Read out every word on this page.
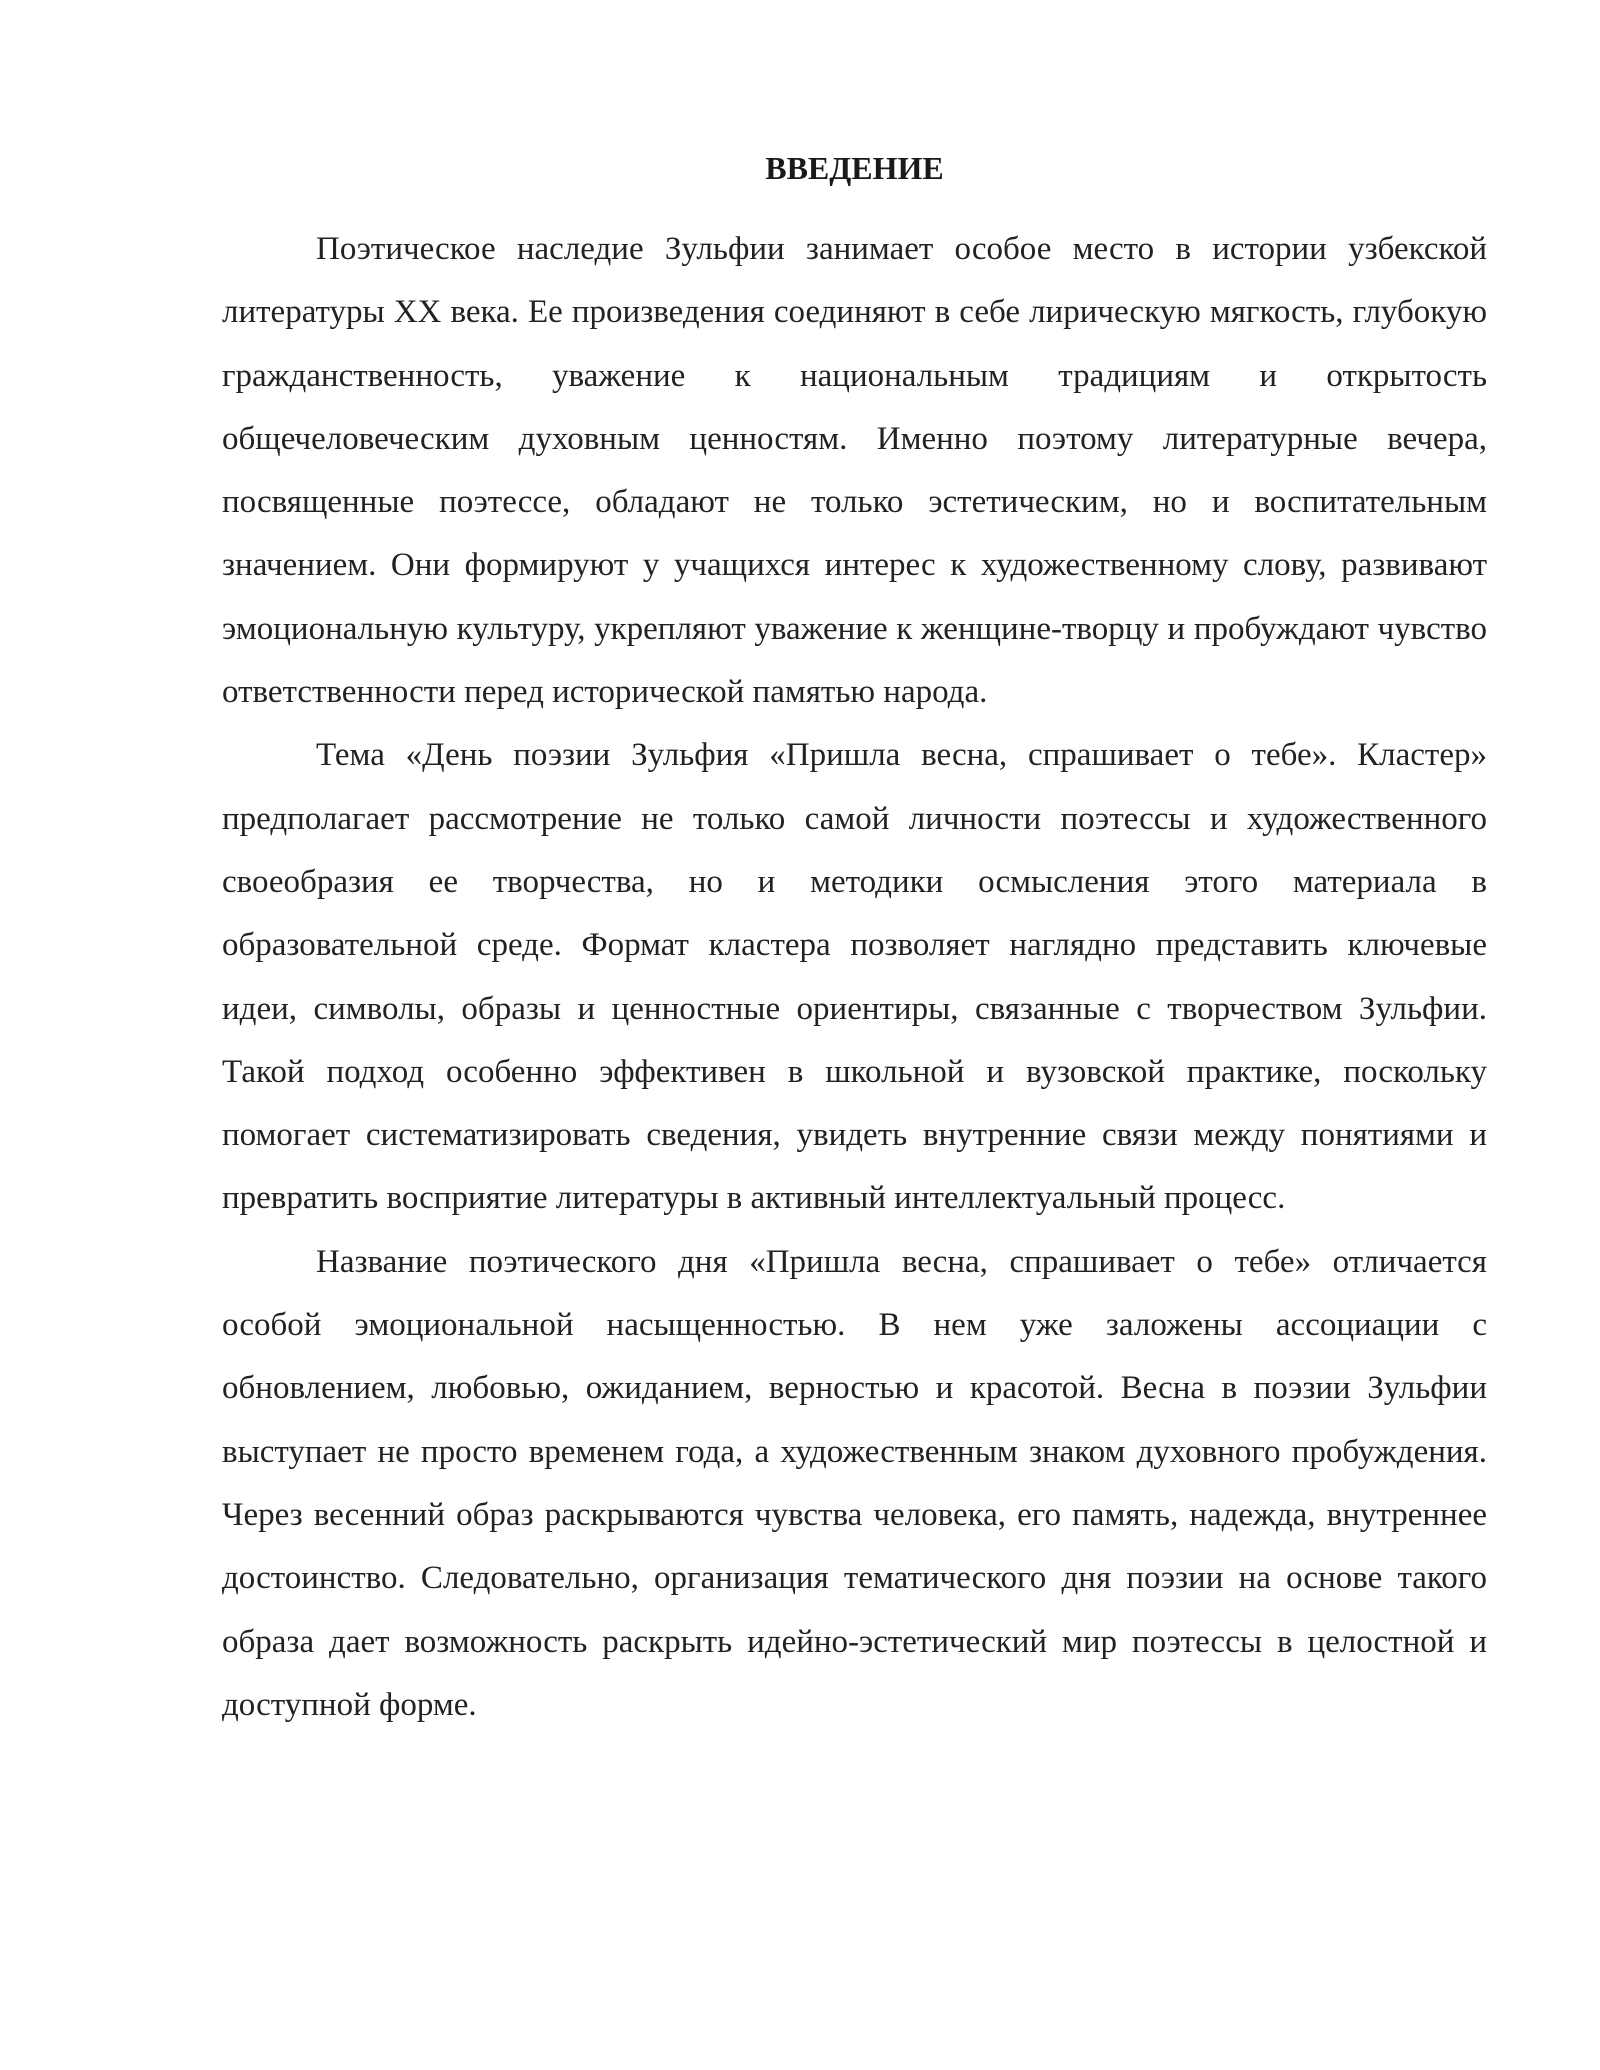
ВВЕДЕНИЕ

Поэтическое наследие Зульфии занимает особое место в истории узбекской литературы XX века. Ее произведения соединяют в себе лирическую мягкость, глубокую гражданственность, уважение к национальным традициям и открытость общечеловеческим духовным ценностям. Именно поэтому литературные вечера, посвященные поэтессе, обладают не только эстетическим, но и воспитательным значением. Они формируют у учащихся интерес к художественному слову, развивают эмоциональную культуру, укрепляют уважение к женщине-творцу и пробуждают чувство ответственности перед исторической памятью народа.

Тема «День поэзии Зульфия «Пришла весна, спрашивает о тебе». Кластер» предполагает рассмотрение не только самой личности поэтессы и художественного своеобразия ее творчества, но и методики осмысления этого материала в образовательной среде. Формат кластера позволяет наглядно представить ключевые идеи, символы, образы и ценностные ориентиры, связанные с творчеством Зульфии. Такой подход особенно эффективен в школьной и вузовской практике, поскольку помогает систематизировать сведения, увидеть внутренние связи между понятиями и превратить восприятие литературы в активный интеллектуальный процесс.

Название поэтического дня «Пришла весна, спрашивает о тебе» отличается особой эмоциональной насыщенностью. В нем уже заложены ассоциации с обновлением, любовью, ожиданием, верностью и красотой. Весна в поэзии Зульфии выступает не просто временем года, а художественным знаком духовного пробуждения. Через весенний образ раскрываются чувства человека, его память, надежда, внутреннее достоинство. Следовательно, организация тематического дня поэзии на основе такого образа дает возможность раскрыть идейно-эстетический мир поэтессы в целостной и доступной форме.
